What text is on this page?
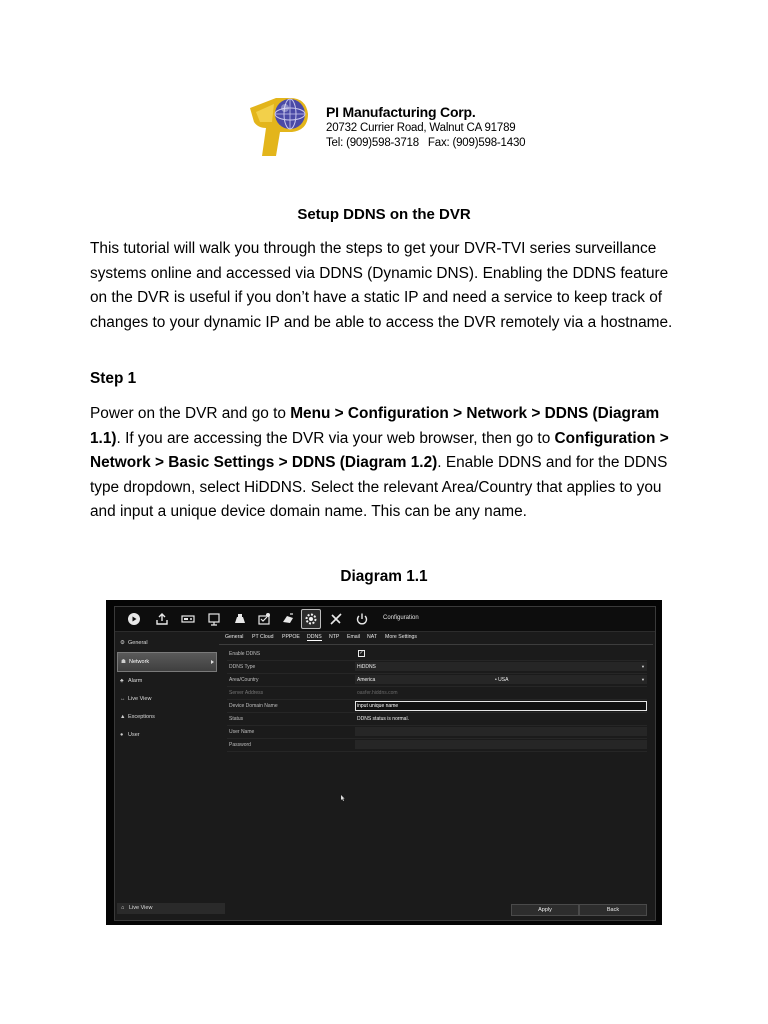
PI Manufacturing Corp.
20732 Currier Road, Walnut CA 91789
Tel: (909)598-3718   Fax: (909)598-1430
Setup DDNS on the DVR
This tutorial will walk you through the steps to get your DVR-TVI series surveillance systems online and accessed via DDNS (Dynamic DNS). Enabling the DDNS feature on the DVR is useful if you don’t have a static IP and need a service to keep track of changes to your dynamic IP and be able to access the DVR remotely via a hostname.
Step 1
Power on the DVR and go to Menu > Configuration > Network > DDNS (Diagram 1.1). If you are accessing the DVR via your web browser, then go to Configuration > Network > Basic Settings > DDNS (Diagram 1.2). Enable DDNS and for the DDNS type dropdown, select HiDDNS. Select the relevant Area/Country that applies to you and input a unique device domain name. This can be any name.
Diagram 1.1
Configuration
⚙ General
☗ Network
♣ Alarm
↔ Live View
▲ Exceptions
● User
General PT Cloud PPPOE DDNS NTP Email NAT More Settings
Enable DDNS	✓
DDNS Type	HiDDNS	▼
Area/Country	America	• USA	▼
Server Address	oasfer.hiddns.com
Device Domain Name	input unique name
Status	DDNS status is normal.
User Name
Password
⌂ Live View	Apply	Back
